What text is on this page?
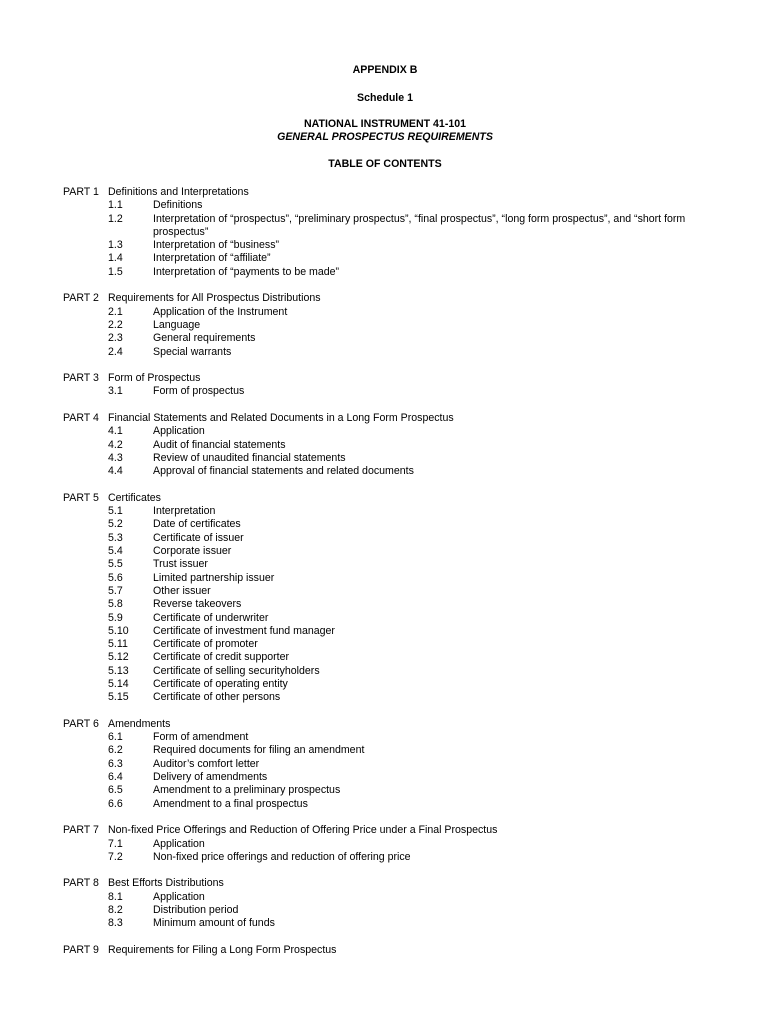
APPENDIX B
Schedule 1
NATIONAL INSTRUMENT 41-101
GENERAL PROSPECTUS REQUIREMENTS
TABLE OF CONTENTS
PART 1 Definitions and Interpretations
1.1	Definitions
1.2	Interpretation of “prospectus”, “preliminary prospectus”, “final prospectus”, “long form prospectus”, and “short form prospectus”
1.3	Interpretation of “business”
1.4	Interpretation of “affiliate”
1.5	Interpretation of “payments to be made”
PART 2 Requirements for All Prospectus Distributions
2.1	Application of the Instrument
2.2	Language
2.3	General requirements
2.4	Special warrants
PART 3 Form of Prospectus
3.1	Form of prospectus
PART 4 Financial Statements and Related Documents in a Long Form Prospectus
4.1	Application
4.2	Audit of financial statements
4.3	Review of unaudited financial statements
4.4	Approval of financial statements and related documents
PART 5 Certificates
5.1	Interpretation
5.2	Date of certificates
5.3	Certificate of issuer
5.4	Corporate issuer
5.5	Trust issuer
5.6	Limited partnership issuer
5.7	Other issuer
5.8	Reverse takeovers
5.9	Certificate of underwriter
5.10	Certificate of investment fund manager
5.11	Certificate of promoter
5.12	Certificate of credit supporter
5.13	Certificate of selling securityholders
5.14	Certificate of operating entity
5.15	Certificate of other persons
PART 6 Amendments
6.1	Form of amendment
6.2	Required documents for filing an amendment
6.3	Auditor’s comfort letter
6.4	Delivery of amendments
6.5	Amendment to a preliminary prospectus
6.6	Amendment to a final prospectus
PART 7 Non-fixed Price Offerings and Reduction of Offering Price under a Final Prospectus
7.1	Application
7.2	Non-fixed price offerings and reduction of offering price
PART 8 Best Efforts Distributions
8.1	Application
8.2	Distribution period
8.3	Minimum amount of funds
PART 9 Requirements for Filing a Long Form Prospectus
